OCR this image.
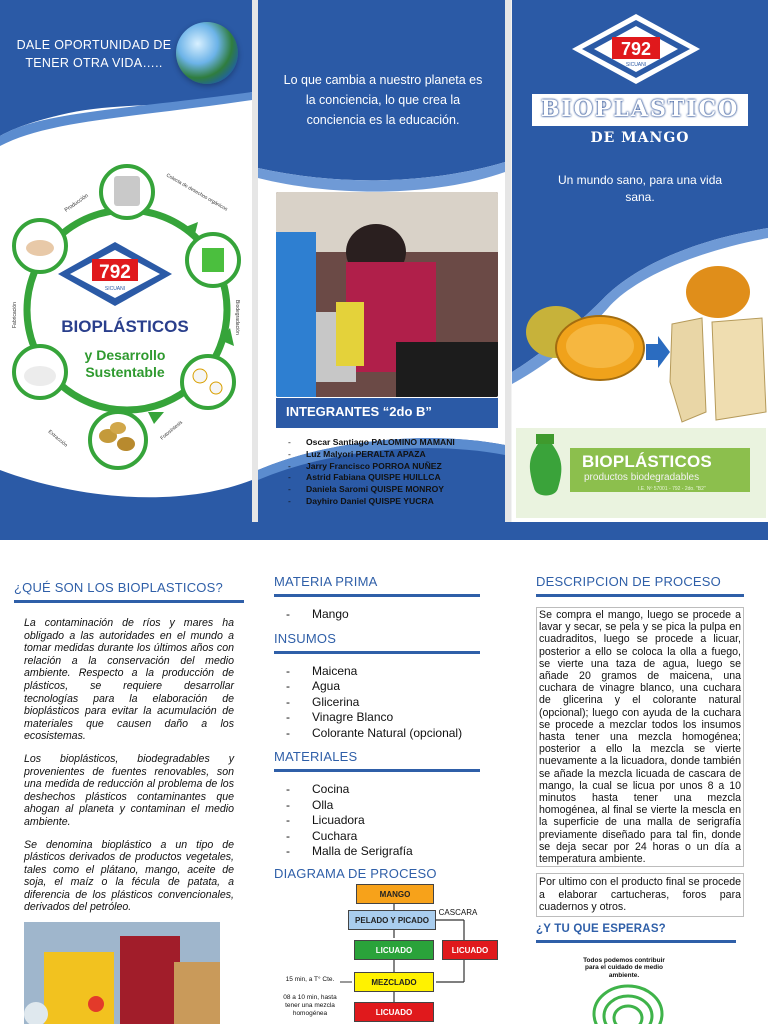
DALE OPORTUNIDAD DE TENER OTRA VIDA…..
Producción	Colecta de desechos orgánicos
Biodegradación
Fabricación
Extracción	Fotosíntesis
792
SICUANI
BIOPLÁSTICOS
y Desarrollo
Sustentable
Lo que cambia a nuestro planeta es la conciencia, lo que crea la conciencia es la educación.
INTEGRANTES “2do B”
- Oscar Santiago PALOMINO MAMANI
- Luz Malyori PERALTA APAZA
- Jarry Francisco PORROA NUÑEZ
- Astrid Fabiana QUISPE HUILLCA
- Daniela Saromi QUISPE MONROY
- Dayhiro Daniel QUISPE YUCRA
792
SICUANI
BIOPLASTICO
DE MANGO
Un mundo sano, para una vida sana.
BIOPLÁSTICOS
productos biodegradables
I.E. Nº 57001 - 792 - 2do. "B2"
¿QUÉ SON LOS BIOPLASTICOS?

La contaminación de ríos y mares ha obligado a las autoridades en el mundo a tomar medidas durante los últimos años con relación a la conservación del medio ambiente. Respecto a la producción de plásticos, se requiere desarrollar tecnologías para la elaboración de bioplásticos para evitar la acumulación de materiales que causen daño a los ecosistemas.

Los bioplásticos, biodegradables y provenientes de fuentes renovables, son una medida de reducción al problema de los deshechos plásticos contaminantes que ahogan al planeta y contaminan el medio ambiente.

Se denomina bioplástico a un tipo de plásticos derivados de productos vegetales, tales como el plátano, mango, aceite de soja, el maíz o la fécula de patata, a diferencia de los plásticos convencionales, derivados del petróleo.

MATERIA PRIMA
- Mango
INSUMOS
- Maicena
- Agua
- Glicerina
- Vinagre Blanco
- Colorante Natural (opcional)
MATERIALES
- Cocina
- Olla
- Licuadora
- Cuchara
- Malla de Serigrafía
DIAGRAMA DE PROCESO
MANGO
PELADO Y PICADO
CASCARA
LICUADO	LICUADO
15 min, a T° Cte.	MEZCLADO
08 a 10 min, hasta tener una mezcla homogénea	LICUADO
DESCRIPCION DE PROCESO
Se compra el mango, luego se procede a lavar y secar, se pela y se pica la pulpa en cuadraditos, luego se procede a licuar, posterior a ello se coloca la olla a fuego, se vierte una taza de agua, luego se añade 20 gramos de maicena, una cuchara de vinagre blanco, una cuchara de glicerina y el colorante natural (opcional); luego con ayuda de la cuchara se procede a mezclar todos los insumos hasta tener una mezcla homogénea; posterior a ello la mezcla se vierte nuevamente a la licuadora, donde también se añade la mezcla licuada de cascara de mango, la cual se licua por unos 8 a 10 minutos hasta tener una mezcla homogénea, al final se vierte la mescla en la superficie de una malla de serigrafía previamente diseñado para tal fin, donde se deja secar por 24 horas o un día a temperatura ambiente.
Por ultimo con el producto final se procede a elaborar cartucheras, foros para cuadernos y otros.
¿Y TU QUE ESPERAS?
Todos podemos contribuir para el cuidado de medio ambiente.
